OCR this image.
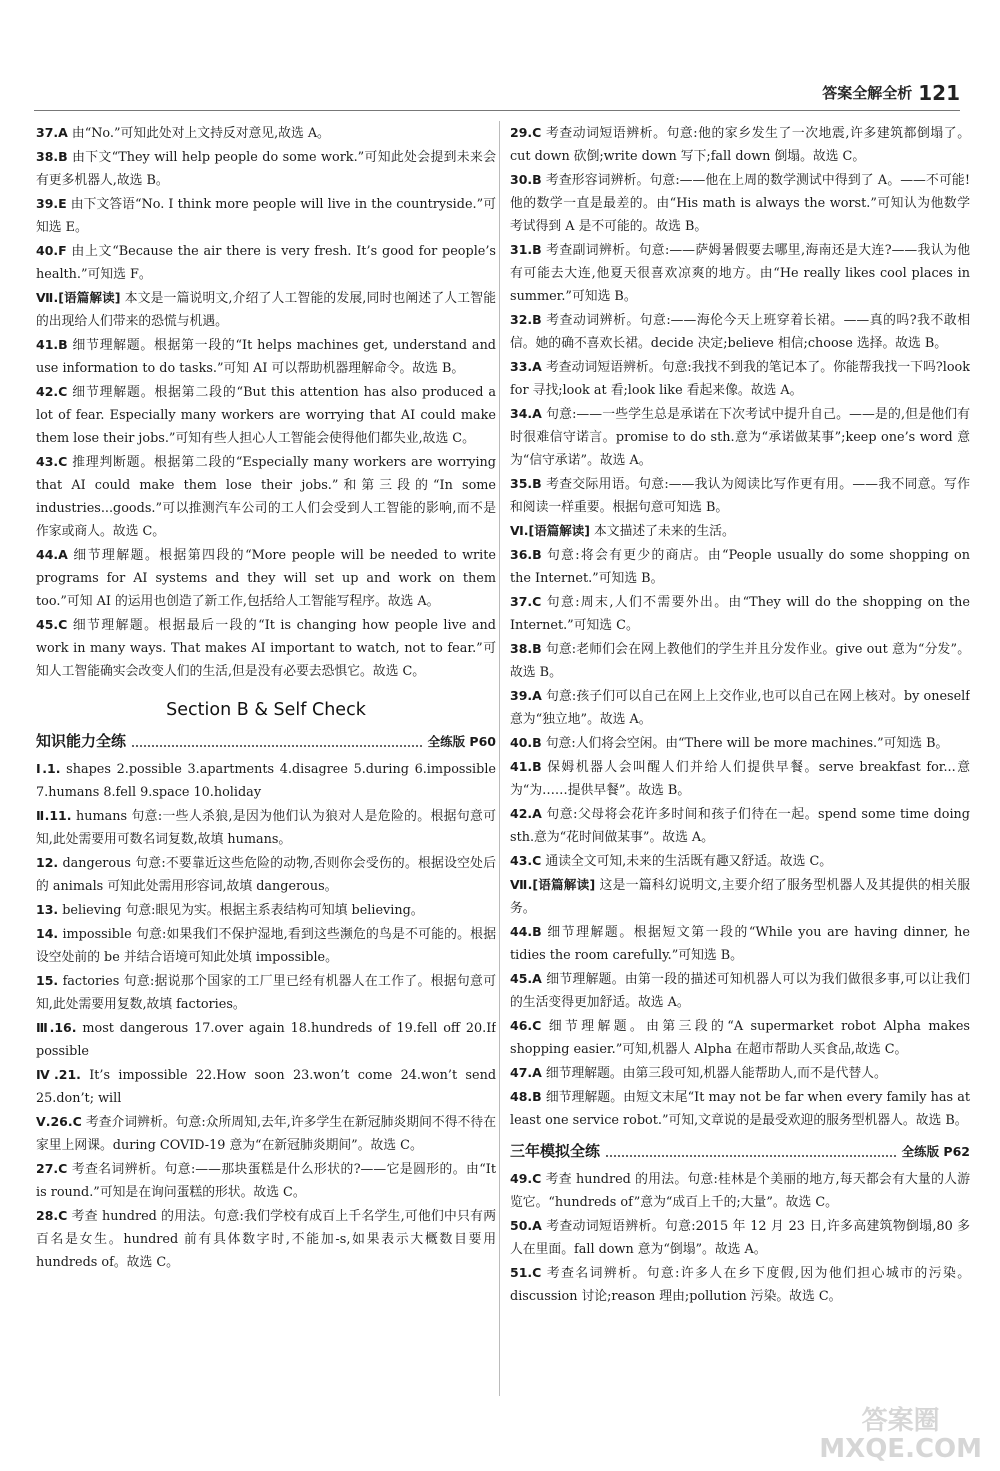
答案全解全析 121

37.A 由“No.”可知此处对上文持反对意见,故选 A。

38.B 由下文“They will help people do some work.”可知此处会提到未来会有更多机器人,故选 B。

39.E 由下文答语“No. I think more people will live in the countryside.”可知选 E。

40.F 由上文“Because the air there is very fresh. It’s good for people’s health.”可知选 F。

Ⅶ.[语篇解读] 本文是一篇说明文,介绍了人工智能的发展,同时也阐述了人工智能的出现给人们带来的恐慌与机遇。

41.B 细节理解题。根据第一段的“It helps machines get, understand and use information to do tasks.”可知 AI 可以帮助机器理解命令。故选 B。

42.C 细节理解题。根据第二段的“But this attention has also produced a lot of fear. Especially many workers are worrying that AI could make them lose their jobs.”可知有些人担心人工智能会使得他们都失业,故选 C。

43.C 推理判断题。根据第二段的“Especially many workers are worrying that AI could make them lose their jobs.”和第三段的“In some industries...goods.”可以推测汽车公司的工人们会受到人工智能的影响,而不是作家或商人。故选 C。

44.A 细节理解题。根据第四段的“More people will be needed to write programs for AI systems and they will set up and work on them too.”可知 AI 的运用也创造了新工作,包括给人工智能写程序。故选 A。

45.C 细节理解题。根据最后一段的“It is changing how people live and work in many ways. That makes AI important to watch, not to fear.”可知人工智能确实会改变人们的生活,但是没有必要去恐惧它。故选 C。

Section B & Self Check
知识能力全练	全练版 P60

Ⅰ.1. shapes 2.possible 3.apartments 4.disagree 5.during 6.impossible 7.humans 8.fell 9.space 10.holiday

Ⅱ.11. humans 句意:一些人杀狼,是因为他们认为狼对人是危险的。根据句意可知,此处需要用可数名词复数,故填 humans。

12. dangerous 句意:不要靠近这些危险的动物,否则你会受伤的。根据设空处后的 animals 可知此处需用形容词,故填 dangerous。

13. believing 句意:眼见为实。根据主系表结构可知填 believing。

14. impossible 句意:如果我们不保护湿地,看到这些濒危的鸟是不可能的。根据设空处前的 be 并结合语境可知此处填 impossible。

15. factories 句意:据说那个国家的工厂里已经有机器人在工作了。根据句意可知,此处需要用复数,故填 factories。

Ⅲ.16. most dangerous 17.over again 18.hundreds of 19.fell off 20.If possible

Ⅳ.21. It’s impossible 22.How soon 23.won’t come 24.won’t send 25.don’t; will

Ⅴ.26.C 考查介词辨析。句意:众所周知,去年,许多学生在新冠肺炎期间不得不待在家里上网课。during COVID-19 意为“在新冠肺炎期间”。故选 C。

27.C 考查名词辨析。句意:——那块蛋糕是什么形状的?——它是圆形的。由“It is round.”可知是在询问蛋糕的形状。故选 C。

28.C 考查 hundred 的用法。句意:我们学校有成百上千名学生,可他们中只有两百名是女生。hundred 前有具体数字时,不能加-s,如果表示大概数目要用 hundreds of。故选 C。

29.C 考查动词短语辨析。句意:他的家乡发生了一次地震,许多建筑都倒塌了。cut down 砍倒;write down 写下;fall down 倒塌。故选 C。

30.B 考查形容词辨析。句意:——他在上周的数学测试中得到了 A。——不可能!他的数学一直是最差的。由“His math is always the worst.”可知认为他数学考试得到 A 是不可能的。故选 B。

31.B 考查副词辨析。句意:——萨姆暑假要去哪里,海南还是大连?——我认为他有可能去大连,他夏天很喜欢凉爽的地方。由“He really likes cool places in summer.”可知选 B。

32.B 考查动词辨析。句意:——海伦今天上班穿着长裙。——真的吗?我不敢相信。她的确不喜欢长裙。decide 决定;believe 相信;choose 选择。故选 B。

33.A 考查动词短语辨析。句意:我找不到我的笔记本了。你能帮我找一下吗?look for 寻找;look at 看;look like 看起来像。故选 A。

34.A 句意:——一些学生总是承诺在下次考试中提升自己。——是的,但是他们有时很难信守诺言。promise to do sth.意为“承诺做某事”;keep one’s word 意为“信守承诺”。故选 A。

35.B 考查交际用语。句意:——我认为阅读比写作更有用。——我不同意。写作和阅读一样重要。根据句意可知选 B。

Ⅵ.[语篇解读] 本文描述了未来的生活。

36.B 句意:将会有更少的商店。由“People usually do some shopping on the Internet.”可知选 B。

37.C 句意:周末,人们不需要外出。由“They will do the shopping on the Internet.”可知选 C。

38.B 句意:老师们会在网上教他们的学生并且分发作业。give out 意为“分发”。故选 B。

39.A 句意:孩子们可以自己在网上上交作业,也可以自己在网上核对。by oneself 意为“独立地”。故选 A。

40.B 句意:人们将会空闲。由“There will be more machines.”可知选 B。

41.B 保姆机器人会叫醒人们并给人们提供早餐。serve breakfast for...意为“为……提供早餐”。故选 B。

42.A 句意:父母将会花许多时间和孩子们待在一起。spend some time doing sth.意为“花时间做某事”。故选 A。

43.C 通读全文可知,未来的生活既有趣又舒适。故选 C。

Ⅶ.[语篇解读] 这是一篇科幻说明文,主要介绍了服务型机器人及其提供的相关服务。

44.B 细节理解题。根据短文第一段的“While you are having dinner, he tidies the room carefully.”可知选 B。

45.A 细节理解题。由第一段的描述可知机器人可以为我们做很多事,可以让我们的生活变得更加舒适。故选 A。

46.C 细节理解题。由第三段的“A supermarket robot Alpha makes shopping easier.”可知,机器人 Alpha 在超市帮助人买食品,故选 C。

47.A 细节理解题。由第三段可知,机器人能帮助人,而不是代替人。

48.B 细节理解题。由短文末尾“It may not be far when every family has at least one service robot.”可知,文章说的是最受欢迎的服务型机器人。故选 B。

三年模拟全练	全练版 P62

49.C 考查 hundred 的用法。句意:桂林是个美丽的地方,每天都会有大量的人游览它。“hundreds of”意为“成百上千的;大量”。故选 C。

50.A 考查动词短语辨析。句意:2015 年 12 月 23 日,许多高建筑物倒塌,80 多人在里面。fall down 意为“倒塌”。故选 A。

51.C 考查名词辨析。句意:许多人在乡下度假,因为他们担心城市的污染。discussion 讨论;reason 理由;pollution 污染。故选 C。

答案圈
MXQE.COM
